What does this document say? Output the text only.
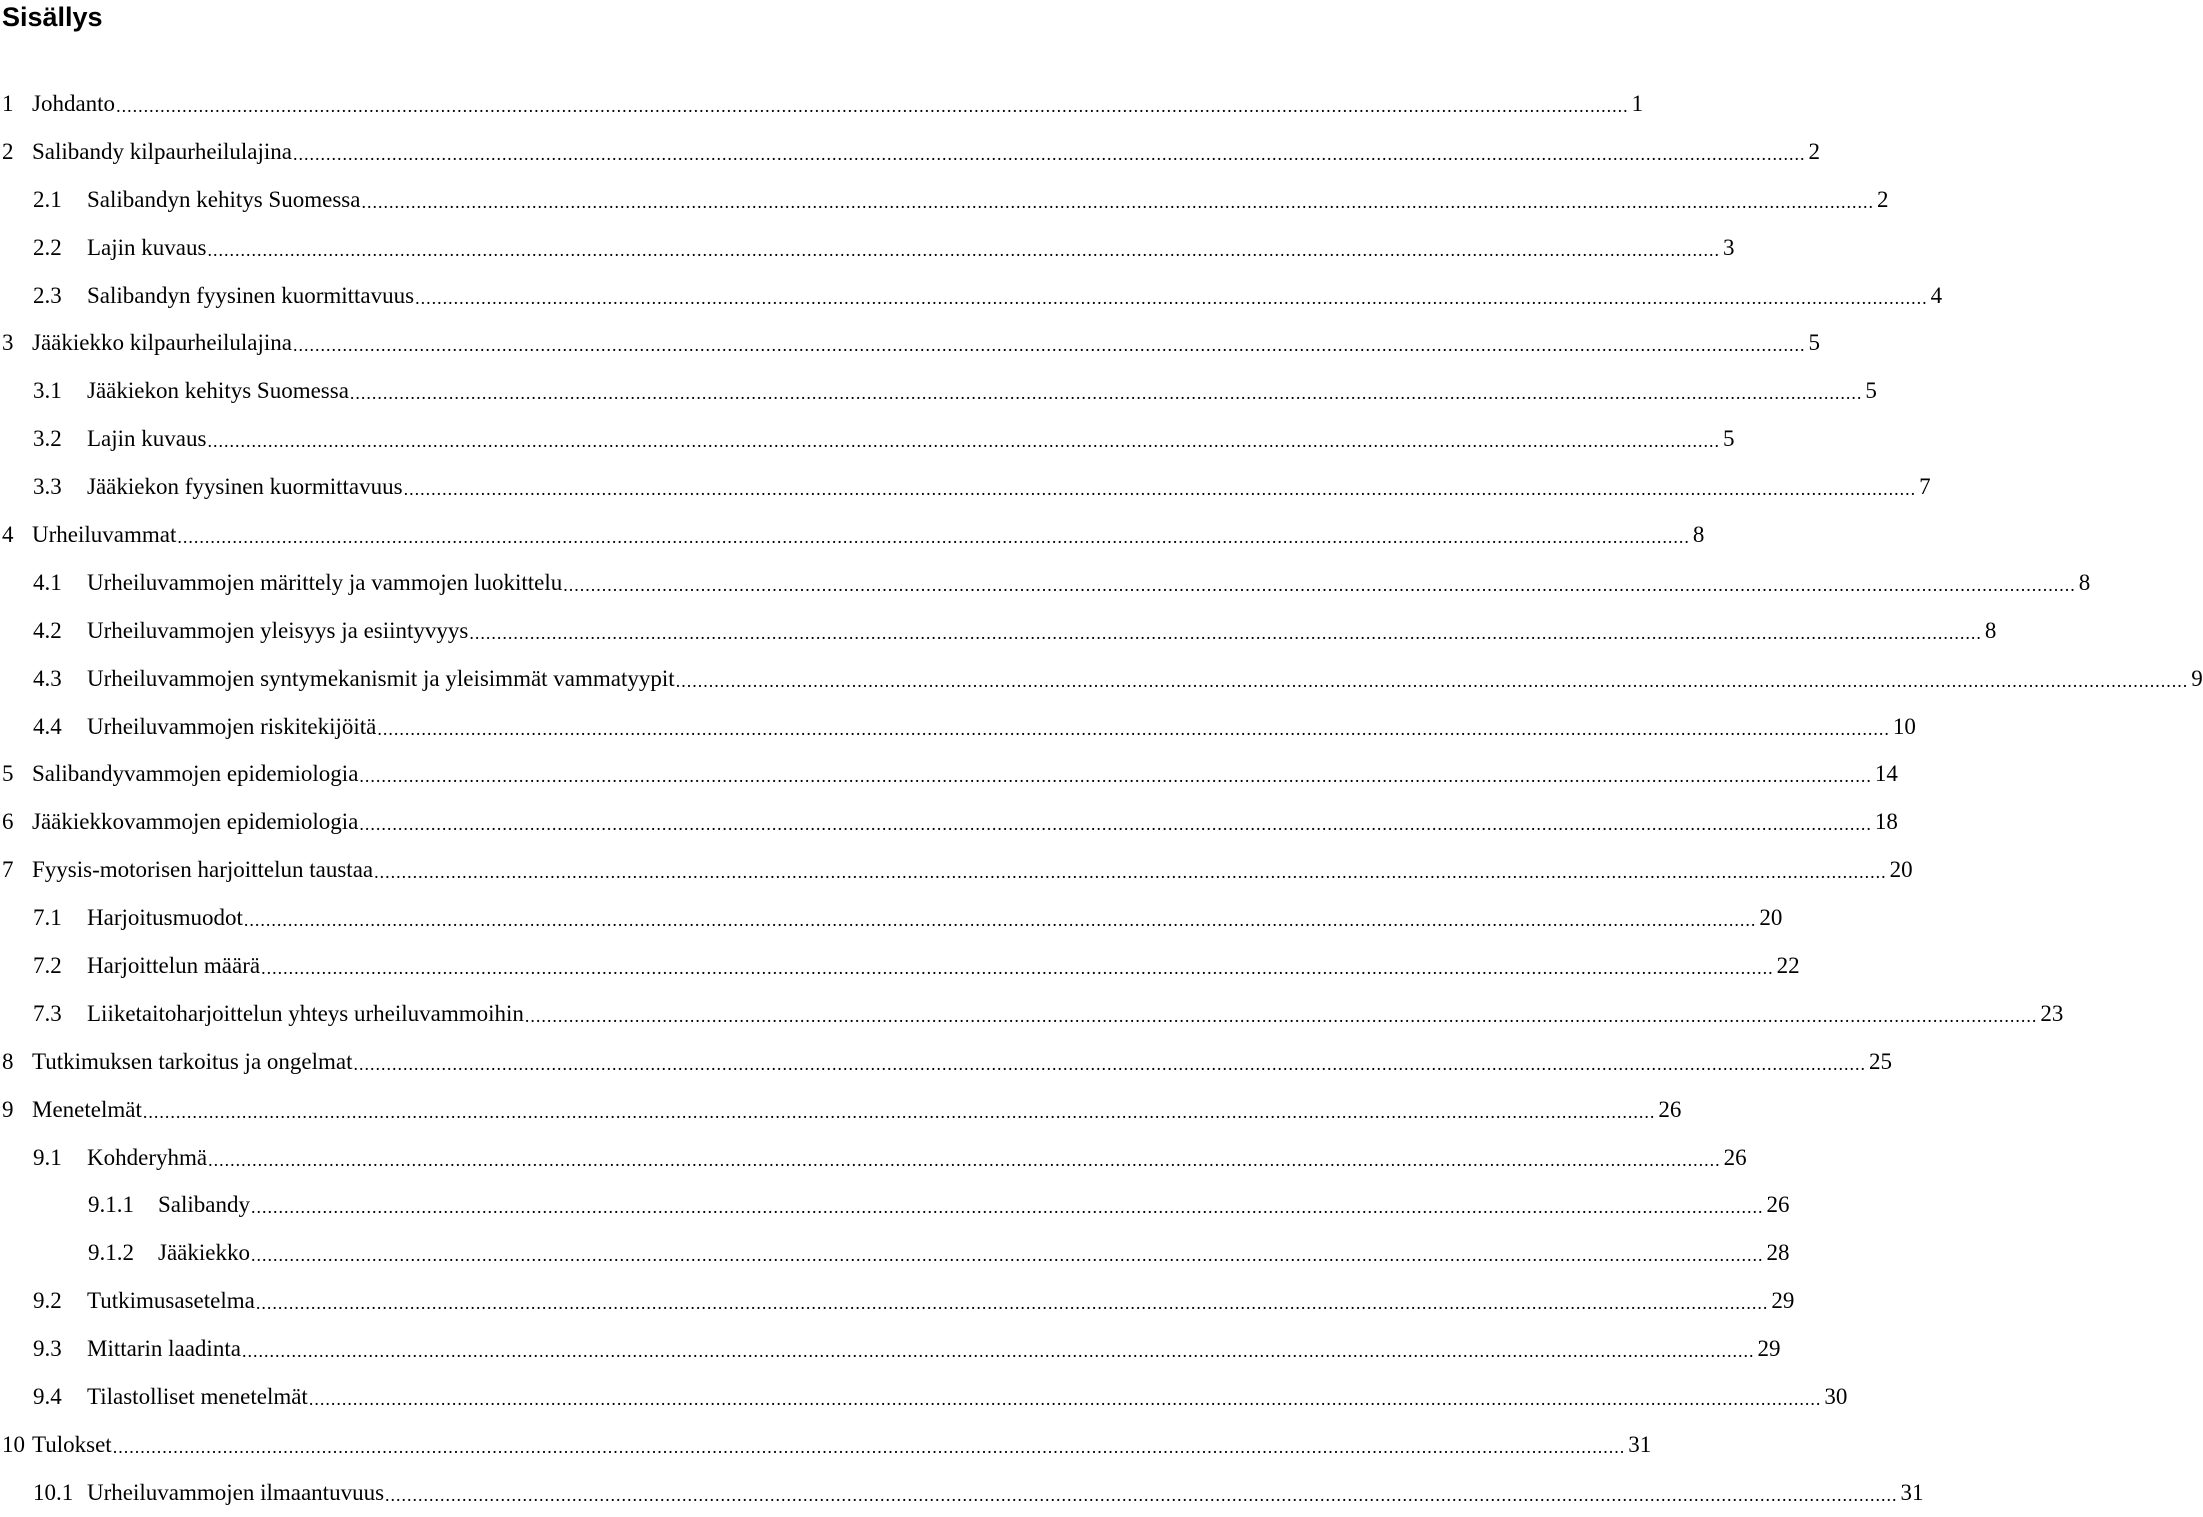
Sisällys
1 Johdanto .....	1
2 Salibandy kilpaurheilulajina .....	2
2.1	Salibandyn kehitys Suomessa .....	2
2.2	Lajin kuvaus .....	3
2.3	Salibandyn fyysinen kuormittavuus .....	4
3 Jääkiekko kilpaurheilulajina .....	5
3.1	Jääkiekon kehitys Suomessa .....	5
3.2	Lajin kuvaus .....	5
3.3	Jääkiekon fyysinen kuormittavuus .....	7
4 Urheiluvammat .....	8
4.1	Urheiluvammojen märittely ja vammojen luokittelu .....	8
4.2	Urheiluvammojen yleisyys ja esiintyvyys .....	8
4.3	Urheiluvammojen syntymekanismit ja yleisimmät vammatyypit .....	9
4.4	Urheiluvammojen riskitekijöitä .....	10
5 Salibandyvammojen epidemiologia .....	14
6 Jääkiekkovammojen epidemiologia .....	18
7 Fyysis-motorisen harjoittelun taustaa .....	20
7.1	Harjoitusmuodot .....	20
7.2	Harjoittelun määrä .....	22
7.3	Liiketaitoharjoittelun yhteys urheiluvammoihin .....	23
8 Tutkimuksen tarkoitus ja ongelmat .....	25
9 Menetelmät .....	26
9.1	Kohderyhmä .....	26
9.1.1	Salibandy .....	26
9.1.2	Jääkiekko .....	28
9.2	Tutkimusasetelma .....	29
9.3	Mittarin laadinta .....	29
9.4	Tilastolliset menetelmät .....	30
10 Tulokset .....	31
10.1 Urheiluvammojen ilmaantuvuus .....	31
